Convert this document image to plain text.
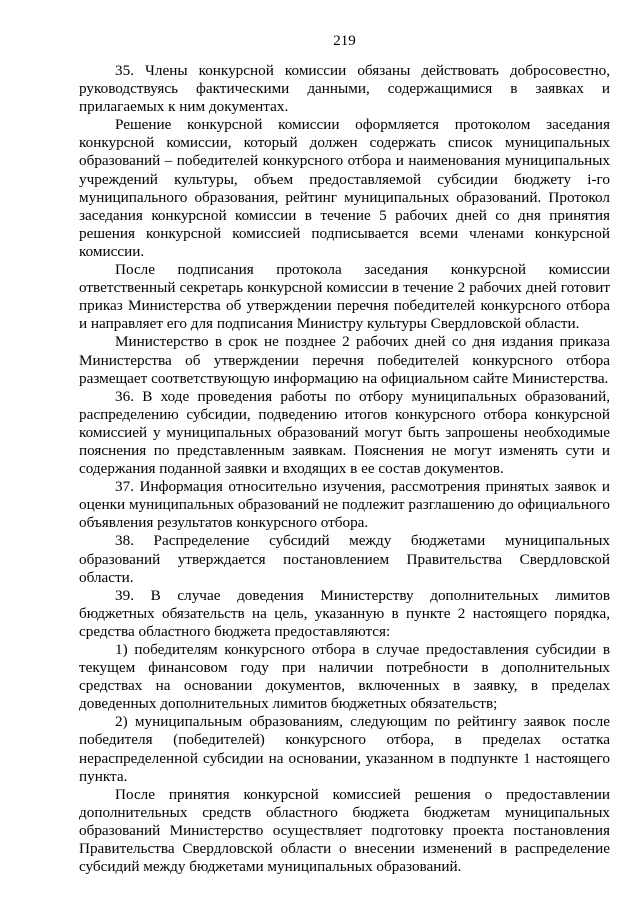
219

35. Члены конкурсной комиссии обязаны действовать добросовестно, руководствуясь фактическими данными, содержащимися в заявках и прилагаемых к ним документах.

Решение конкурсной комиссии оформляется протоколом заседания конкурсной комиссии, который должен содержать список муниципальных образований – победителей конкурсного отбора и наименования муниципальных учреждений культуры, объем предоставляемой субсидии бюджету i-го муниципального образования, рейтинг муниципальных образований. Протокол заседания конкурсной комиссии в течение 5 рабочих дней со дня принятия решения конкурсной комиссией подписывается всеми членами конкурсной комиссии.

После подписания протокола заседания конкурсной комиссии ответственный секретарь конкурсной комиссии в течение 2 рабочих дней готовит приказ Министерства об утверждении перечня победителей конкурсного отбора и направляет его для подписания Министру культуры Свердловской области.

Министерство в срок не позднее 2 рабочих дней со дня издания приказа Министерства об утверждении перечня победителей конкурсного отбора размещает соответствующую информацию на официальном сайте Министерства.

36. В ходе проведения работы по отбору муниципальных образований, распределению субсидии, подведению итогов конкурсного отбора конкурсной комиссией у муниципальных образований могут быть запрошены необходимые пояснения по представленным заявкам. Пояснения не могут изменять сути и содержания поданной заявки и входящих в ее состав документов.

37. Информация относительно изучения, рассмотрения принятых заявок и оценки муниципальных образований не подлежит разглашению до официального объявления результатов конкурсного отбора.

38. Распределение субсидий между бюджетами муниципальных образований утверждается постановлением Правительства Свердловской области.

39. В случае доведения Министерству дополнительных лимитов бюджетных обязательств на цель, указанную в пункте 2 настоящего порядка, средства областного бюджета предоставляются:

1) победителям конкурсного отбора в случае предоставления субсидии в текущем финансовом году при наличии потребности в дополнительных средствах на основании документов, включенных в заявку, в пределах доведенных дополнительных лимитов бюджетных обязательств;

2) муниципальным образованиям, следующим по рейтингу заявок после победителя (победителей) конкурсного отбора, в пределах остатка нераспределенной субсидии на основании, указанном в подпункте 1 настоящего пункта.

После принятия конкурсной комиссией решения о предоставлении дополнительных средств областного бюджета бюджетам муниципальных образований Министерство осуществляет подготовку проекта постановления Правительства Свердловской области о внесении изменений в распределение субсидий между бюджетами муниципальных образований.
